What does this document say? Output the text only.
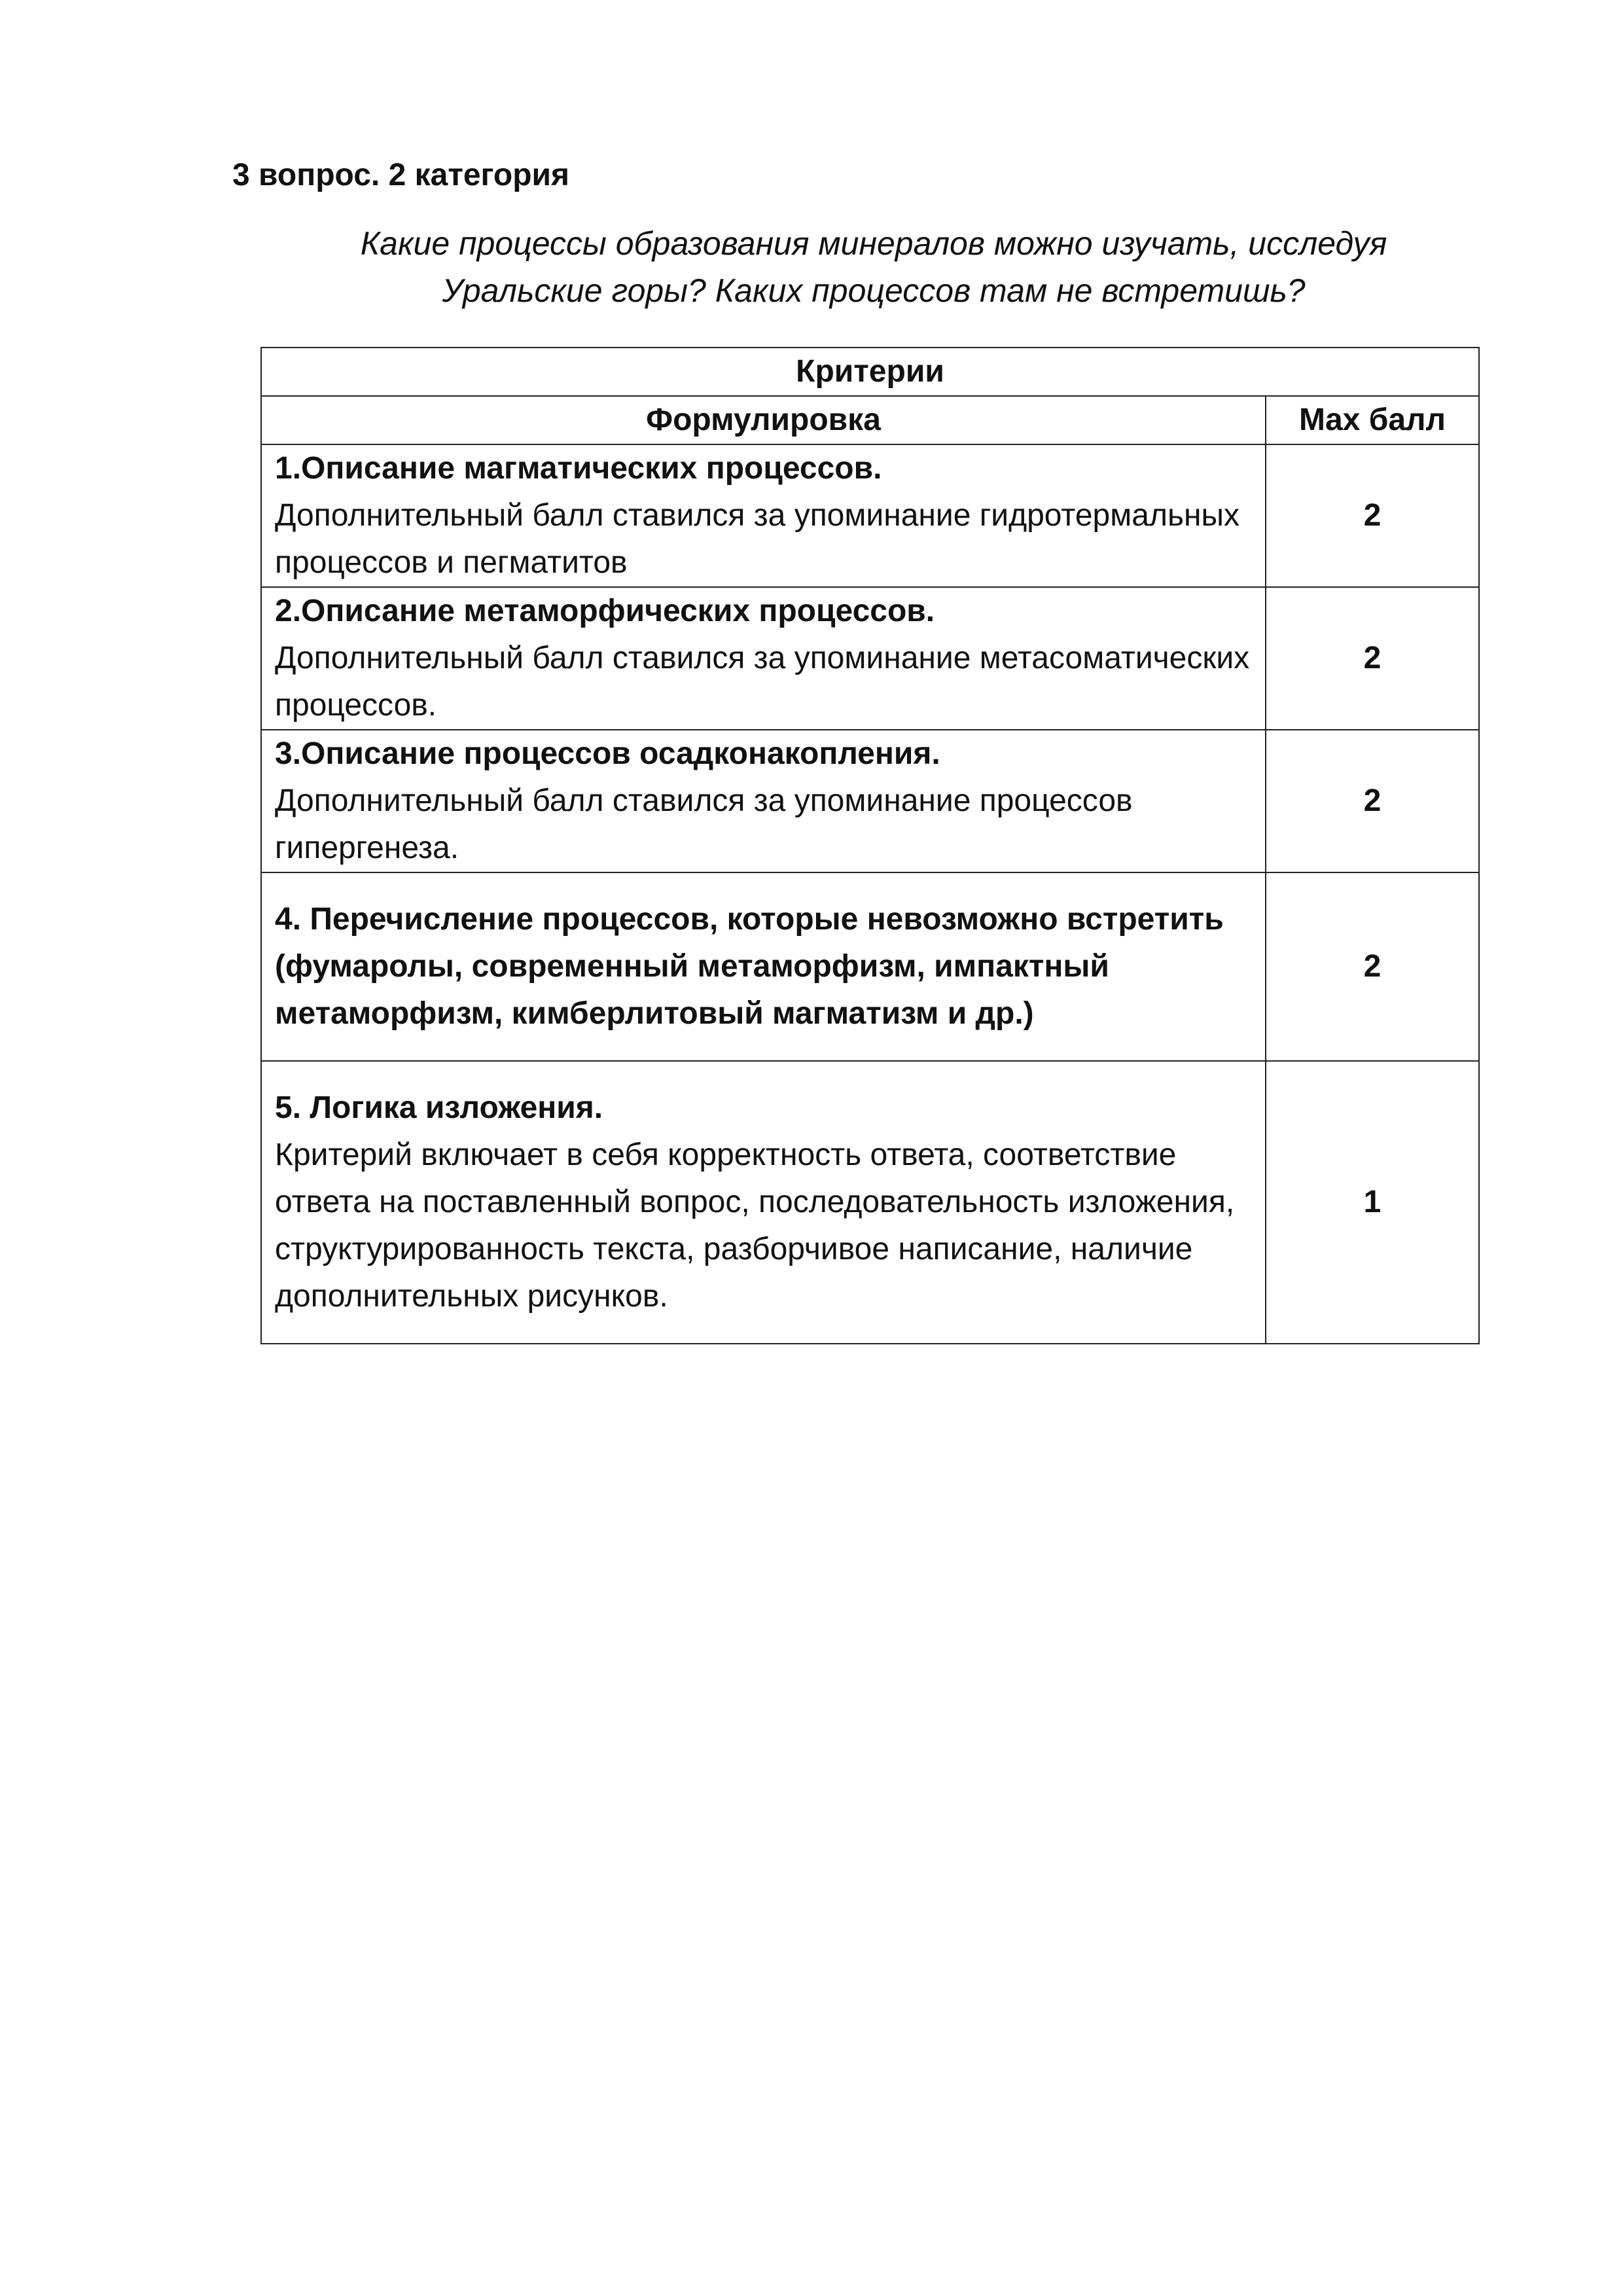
3 вопрос. 2 категория
Какие процессы образования минералов можно изучать, исследуя
Уральские горы? Каких процессов там не встретишь?
Критерии	
Формулировка	Max балл

1.Описание магматических процессов.
Дополнительный балл ставился за упоминание гидротермальных процессов и пегматитов	2

2.Описание метаморфических процессов.
Дополнительный балл ставился за упоминание метасоматических процессов.	2

3.Описание процессов осадконакопления.
Дополнительный балл ставился за упоминание процессов гипергенеза.	2

4. Перечисление процессов, которые невозможно встретить (фумаролы, современный метаморфизм, импактный метаморфизм, кимберлитовый магматизм и др.)	2

5. Логика изложения.
Критерий включает в себя корректность ответа, соответствие ответа на поставленный вопрос, последовательность изложения, структурированность текста, разборчивое написание, наличие дополнительных рисунков.	1
